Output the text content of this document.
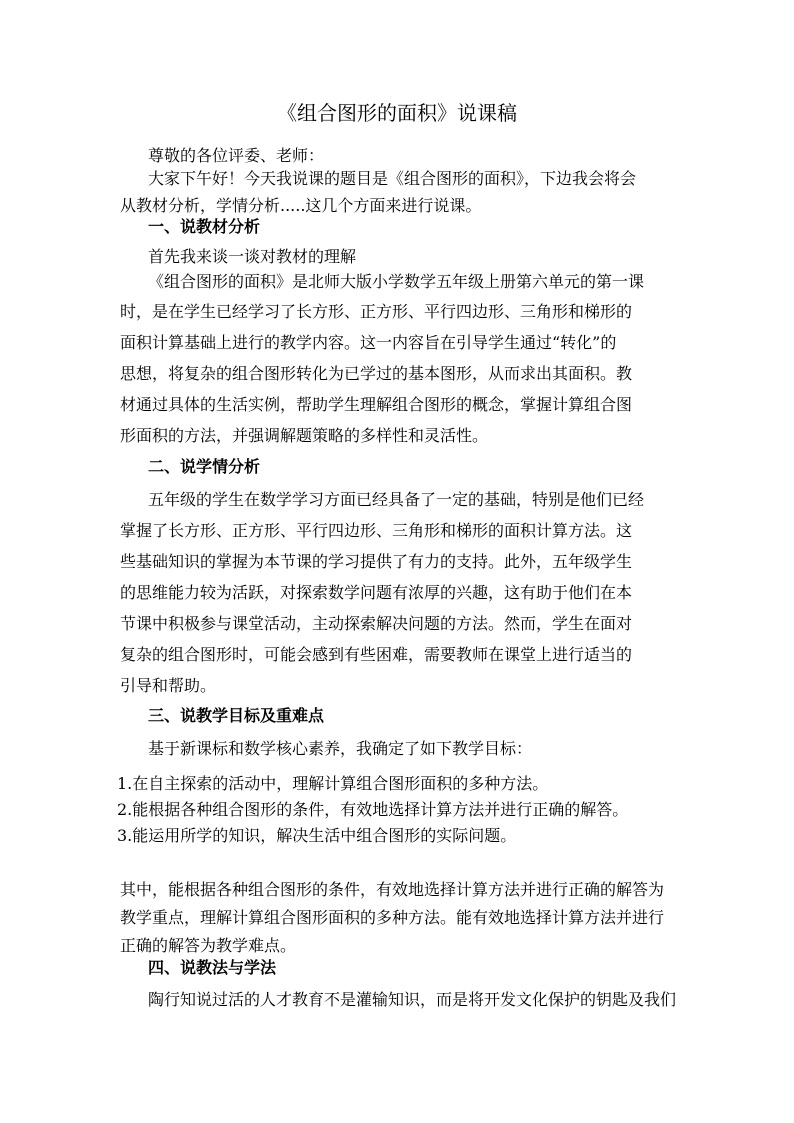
《组合图形的面积》说课稿
尊敬的各位评委、老师：
大家下午好！今天我说课的题目是《组合图形的面积》，下边我会将会
从教材分析，学情分析.....这几个方面来进行说课。
一、说教材分析
首先我来谈一谈对教材的理解
《组合图形的面积》是北师大版小学数学五年级上册第六单元的第一课
时，是在学生已经学习了长方形、正方形、平行四边形、三角形和梯形的
面积计算基础上进行的教学内容。这一内容旨在引导学生通过“转化”的
思想，将复杂的组合图形转化为已学过的基本图形，从而求出其面积。教
材通过具体的生活实例，帮助学生理解组合图形的概念，掌握计算组合图
形面积的方法，并强调解题策略的多样性和灵活性。
二、说学情分析
五年级的学生在数学学习方面已经具备了一定的基础，特别是他们已经
掌握了长方形、正方形、平行四边形、三角形和梯形的面积计算方法。这
些基础知识的掌握为本节课的学习提供了有力的支持。此外，五年级学生
的思维能力较为活跃，对探索数学问题有浓厚的兴趣，这有助于他们在本
节课中积极参与课堂活动，主动探索解决问题的方法。然而，学生在面对
复杂的组合图形时，可能会感到有些困难，需要教师在课堂上进行适当的
引导和帮助。
三、说教学目标及重难点
基于新课标和数学核心素养，我确定了如下教学目标：
1.在自主探索的活动中，理解计算组合图形面积的多种方法。
2.能根据各种组合图形的条件，有效地选择计算方法并进行正确的解答。
3.能运用所学的知识，解决生活中组合图形的实际问题。
其中，能根据各种组合图形的条件，有效地选择计算方法并进行正确的解答为
教学重点，理解计算组合图形面积的多种方法。能有效地选择计算方法并进行
正确的解答为教学难点。
四、说教法与学法
陶行知说过活的人才教育不是灌输知识，而是将开发文化保护的钥匙及我们
